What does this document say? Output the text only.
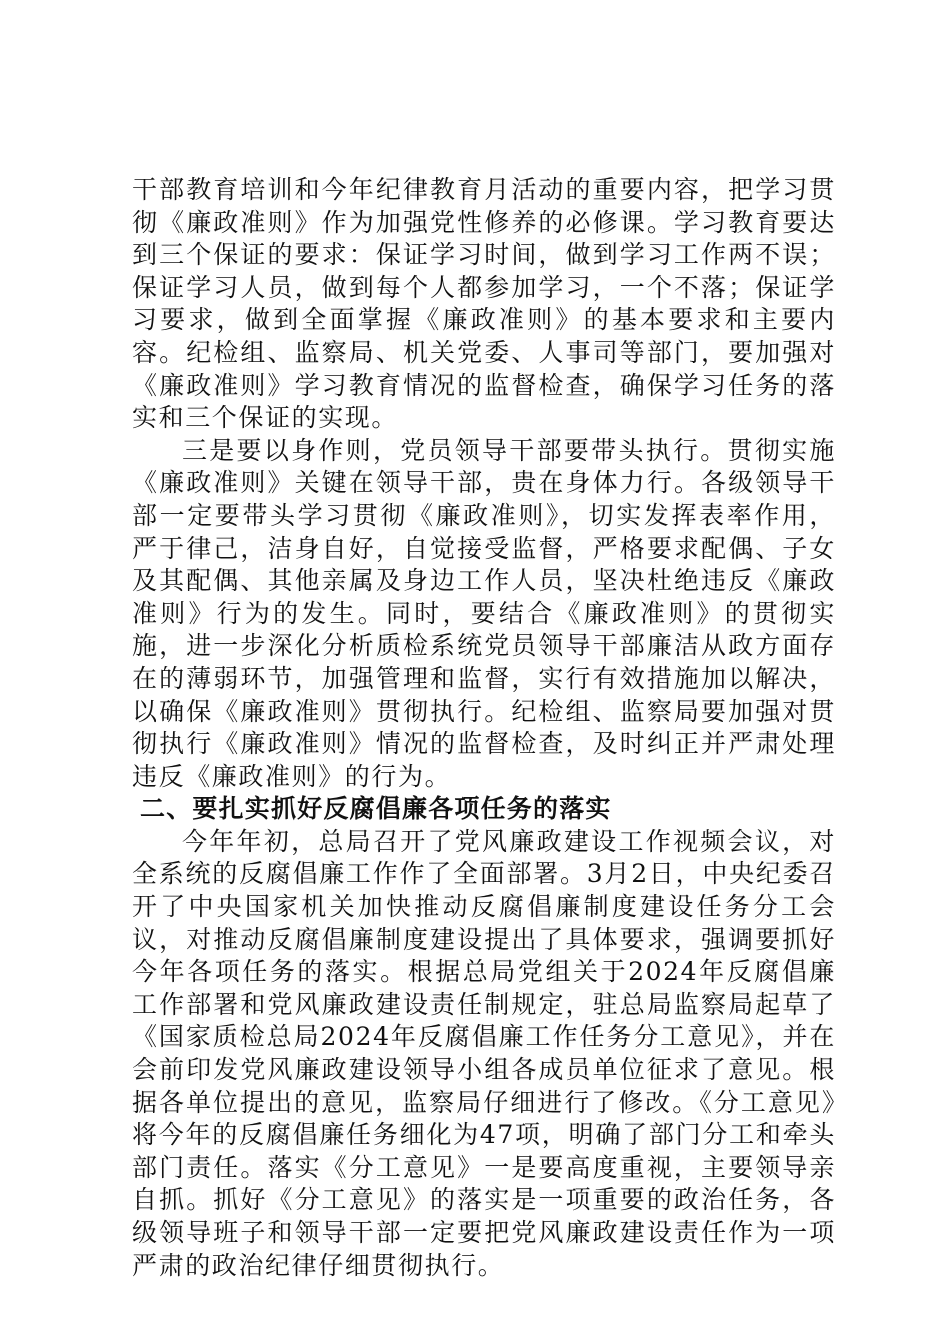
干部教育培训和今年纪律教育月活动的重要内容，把学习贯彻《廉政准则》作为加强党性修养的必修课。学习教育要达到三个保证的要求：保证学习时间，做到学习工作两不误；保证学习人员，做到每个人都参加学习，一个不落；保证学习要求，做到全面掌握《廉政准则》的基本要求和主要内容。纪检组、监察局、机关党委、人事司等部门，要加强对《廉政准则》学习教育情况的监督检查，确保学习任务的落实和三个保证的实现。

三是要以身作则，党员领导干部要带头执行。贯彻实施《廉政准则》关键在领导干部，贵在身体力行。各级领导干部一定要带头学习贯彻《廉政准则》，切实发挥表率作用，严于律己，洁身自好，自觉接受监督，严格要求配偶、子女及其配偶、其他亲属及身边工作人员，坚决杜绝违反《廉政准则》行为的发生。同时，要结合《廉政准则》的贯彻实施，进一步深化分析质检系统党员领导干部廉洁从政方面存在的薄弱环节，加强管理和监督，实行有效措施加以解决，以确保《廉政准则》贯彻执行。纪检组、监察局要加强对贯彻执行《廉政准则》情况的监督检查，及时纠正并严肃处理违反《廉政准则》的行为。

二、要扎实抓好反腐倡廉各项任务的落实

今年年初，总局召开了党风廉政建设工作视频会议，对全系统的反腐倡廉工作作了全面部署。3月2日，中央纪委召开了中央国家机关加快推动反腐倡廉制度建设任务分工会议，对推动反腐倡廉制度建设提出了具体要求，强调要抓好今年各项任务的落实。根据总局党组关于2024年反腐倡廉工作部署和党风廉政建设责任制规定，驻总局监察局起草了《国家质检总局2024年反腐倡廉工作任务分工意见》，并在会前印发党风廉政建设领导小组各成员单位征求了意见。根据各单位提出的意见，监察局仔细进行了修改。《分工意见》将今年的反腐倡廉任务细化为47项，明确了部门分工和牵头部门责任。落实《分工意见》一是要高度重视，主要领导亲自抓。抓好《分工意见》的落实是一项重要的政治任务，各级领导班子和领导干部一定要把党风廉政建设责任作为一项严肃的政治纪律仔细贯彻执行。
